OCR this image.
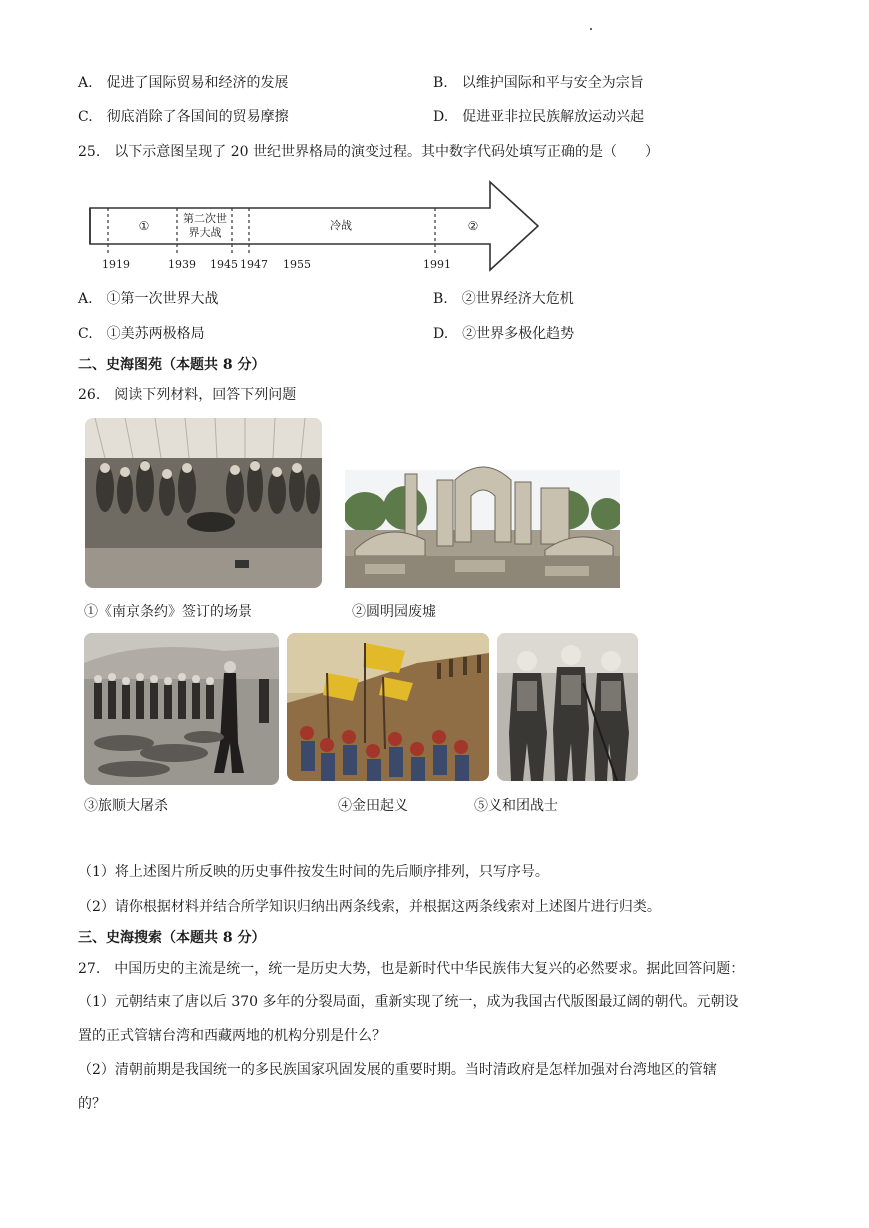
A.　促进了国际贸易和经济的发展	B.　以维护国际和平与安全为宗旨
C.　彻底消除了各国间的贸易摩擦	D.　促进亚非拉民族解放运动兴起
25.　以下示意图呈现了 20 世纪世界格局的演变过程。其中数字代码处填写正确的是（　　）
①
第二次世
界大战
冷战	②
1919	1939 1945 1947 1955	1991
A.　①第一次世界大战	B.　②世界经济大危机
C.　①美苏两极格局	D.　②世界多极化趋势
二、史海图苑（本题共 8 分）
26.　阅读下列材料，回答下列问题
①《南京条约》签订的场景	②圆明园废墟
③旅顺大屠杀	④金田起义	⑤义和团战士
（1）将上述图片所反映的历史事件按发生时间的先后顺序排列，只写序号。
（2）请你根据材料并结合所学知识归纳出两条线索，并根据这两条线索对上述图片进行归类。
三、史海搜索（本题共 8 分）
27.　中国历史的主流是统一，统一是历史大势，也是新时代中华民族伟大复兴的必然要求。据此回答问题：
（1）元朝结束了唐以后 370 多年的分裂局面，重新实现了统一，成为我国古代版图最辽阔的朝代。元朝设
置的正式管辖台湾和西藏两地的机构分别是什么？
（2）清朝前期是我国统一的多民族国家巩固发展的重要时期。当时清政府是怎样加强对台湾地区的管辖
的？
